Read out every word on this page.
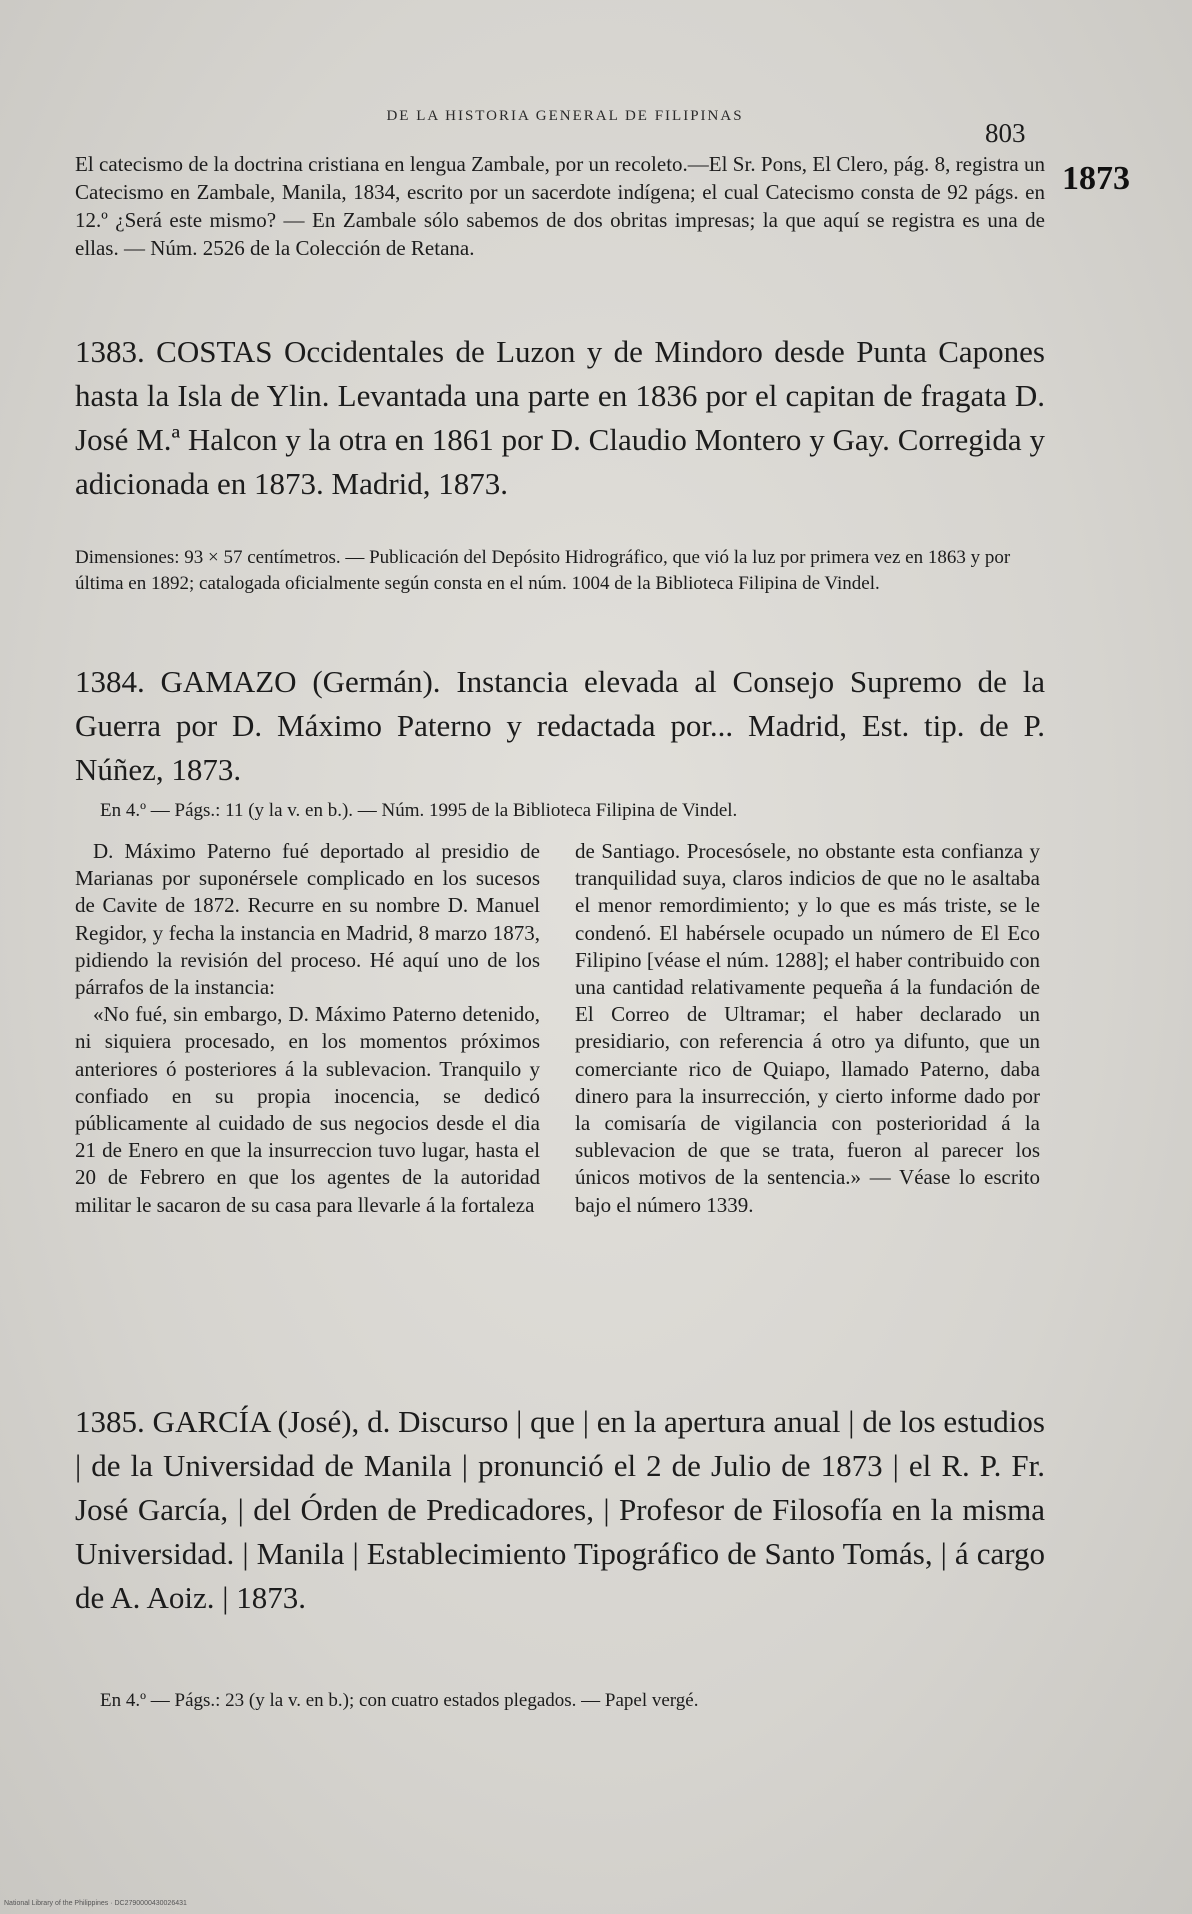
DE LA HISTORIA GENERAL DE FILIPINAS
803
1873

El catecismo de la doctrina cristiana en lengua Zambale, por un recoleto.—El Sr. Pons, El Clero, pág. 8, registra un Catecismo en Zambale, Manila, 1834, escrito por un sacerdote indígena; el cual Catecismo consta de 92 págs. en 12.º ¿Será este mismo? — En Zambale sólo sabemos de dos obritas impresas; la que aquí se registra es una de ellas. — Núm. 2526 de la Colección de Retana.

1383. COSTAS Occidentales de Luzon y de Mindoro desde Punta Capones hasta la Isla de Ylin. Levantada una parte en 1836 por el capitan de fragata D. José M.ª Halcon y la otra en 1861 por D. Claudio Montero y Gay. Corregida y adicionada en 1873. Madrid, 1873.

Dimensiones: 93 × 57 centímetros. — Publicación del Depósito Hidrográfico, que vió la luz por primera vez en 1863 y por última en 1892; catalogada oficialmente según consta en el núm. 1004 de la Biblioteca Filipina de Vindel.

1384. GAMAZO (Germán). Instancia elevada al Consejo Supremo de la Guerra por D. Máximo Paterno y redactada por... Madrid, Est. tip. de P. Núñez, 1873.

En 4.º — Págs.: 11 (y la v. en b.). — Núm. 1995 de la Biblioteca Filipina de Vindel.

D. Máximo Paterno fué deportado al presidio de Marianas por suponérsele complicado en los sucesos de Cavite de 1872. Recurre en su nombre D. Manuel Regidor, y fecha la instancia en Madrid, 8 marzo 1873, pidiendo la revisión del proceso. Hé aquí uno de los párrafos de la instancia:

«No fué, sin embargo, D. Máximo Paterno detenido, ni siquiera procesado, en los momentos próximos anteriores ó posteriores á la sublevacion. Tranquilo y confiado en su propia inocencia, se dedicó públicamente al cuidado de sus negocios desde el dia 21 de Enero en que la insurreccion tuvo lugar, hasta el 20 de Febrero en que los agentes de la autoridad militar le sacaron de su casa para llevarle á la fortaleza

de Santiago. Procesósele, no obstante esta confianza y tranquilidad suya, claros indicios de que no le asaltaba el menor remordimiento; y lo que es más triste, se le condenó. El habérsele ocupado un número de El Eco Filipino [véase el núm. 1288]; el haber contribuido con una cantidad relativamente pequeña á la fundación de El Correo de Ultramar; el haber declarado un presidiario, con referencia á otro ya difunto, que un comerciante rico de Quiapo, llamado Paterno, daba dinero para la insurrección, y cierto informe dado por la comisaría de vigilancia con posterioridad á la sublevacion de que se trata, fueron al parecer los únicos motivos de la sentencia.» — Véase lo escrito bajo el número 1339.

1385. GARCÍA (José), d. Discurso | que | en la apertura anual | de los estudios | de la Universidad de Manila | pronunció el 2 de Julio de 1873 | el R. P. Fr. José García, | del Órden de Predicadores, | Profesor de Filosofía en la misma Universidad. | Manila | Establecimiento Tipográfico de Santo Tomás, | á cargo de A. Aoiz. | 1873.

En 4.º — Págs.: 23 (y la v. en b.); con cuatro estados plegados. — Papel vergé.

National Library of the Philippines · DC2790000430026431
